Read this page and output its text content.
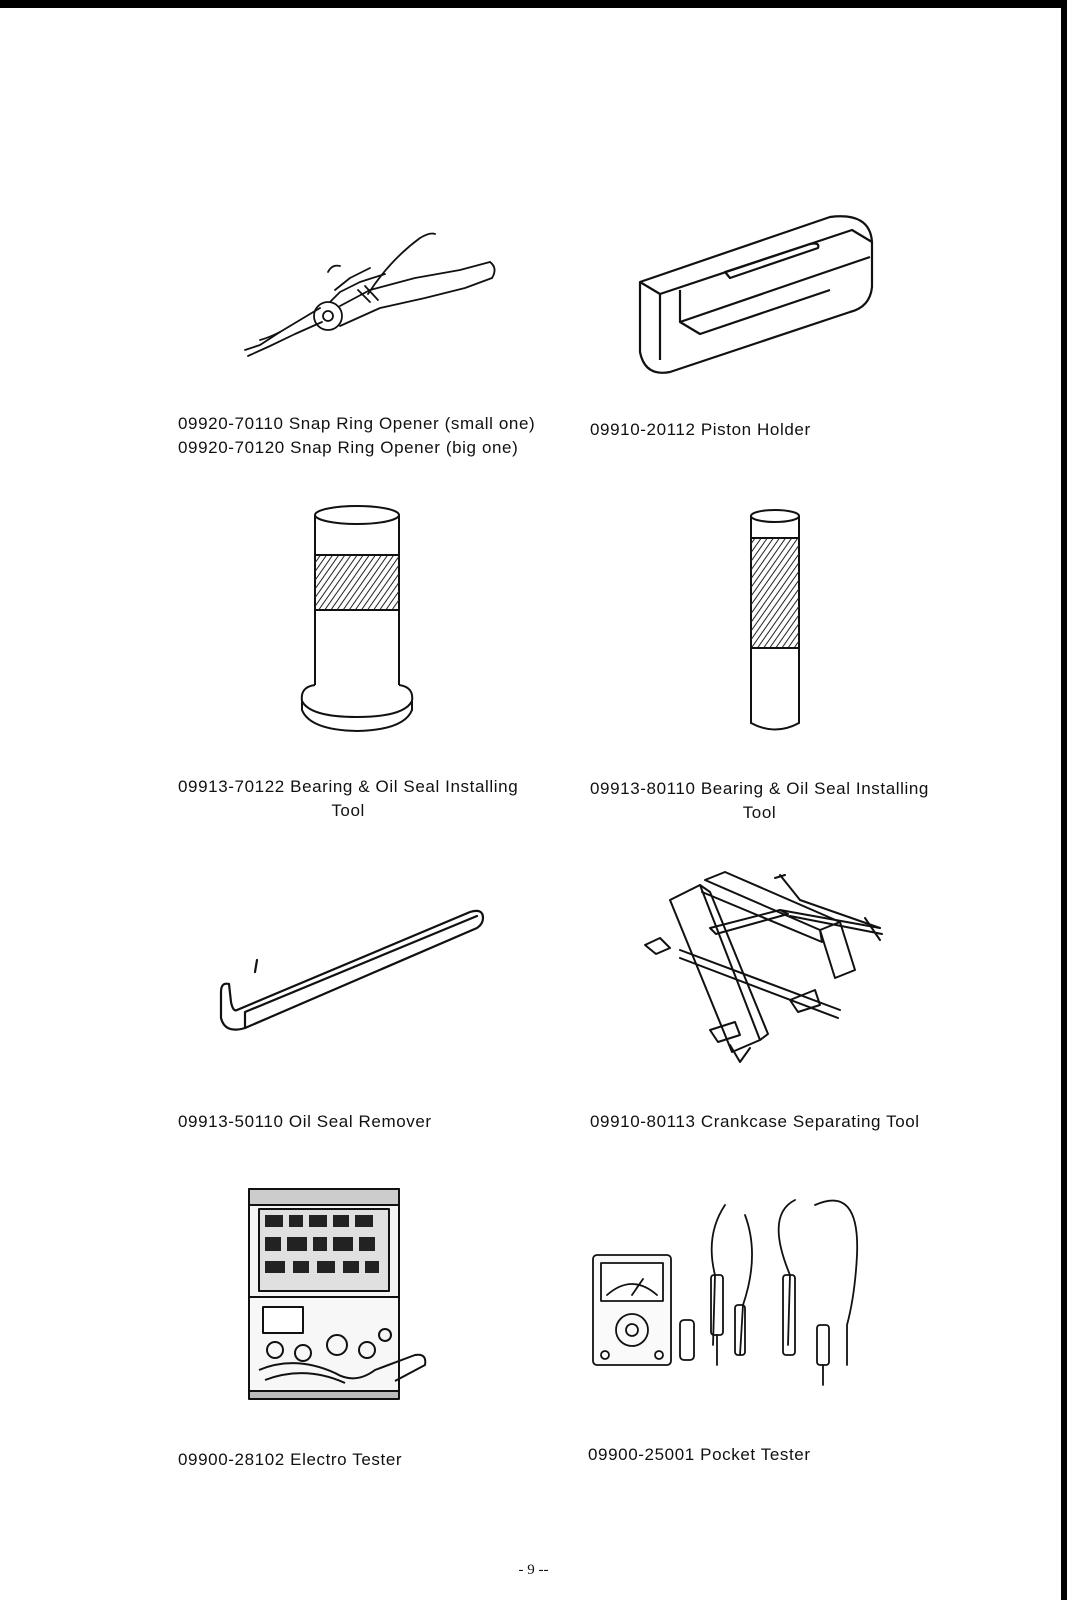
09920-70110 Snap Ring Opener (small one)
09920-70120 Snap Ring Opener (big one)
09910-20112 Piston Holder
09913-70122 Bearing & Oil Seal Installing
Tool
09913-80110 Bearing & Oil Seal Installing
Tool
09913-50110 Oil Seal Remover	09910-80113 Crankcase Separating Tool
09900-28102 Electro Tester	09900-25001 Pocket Tester
- 9 --
